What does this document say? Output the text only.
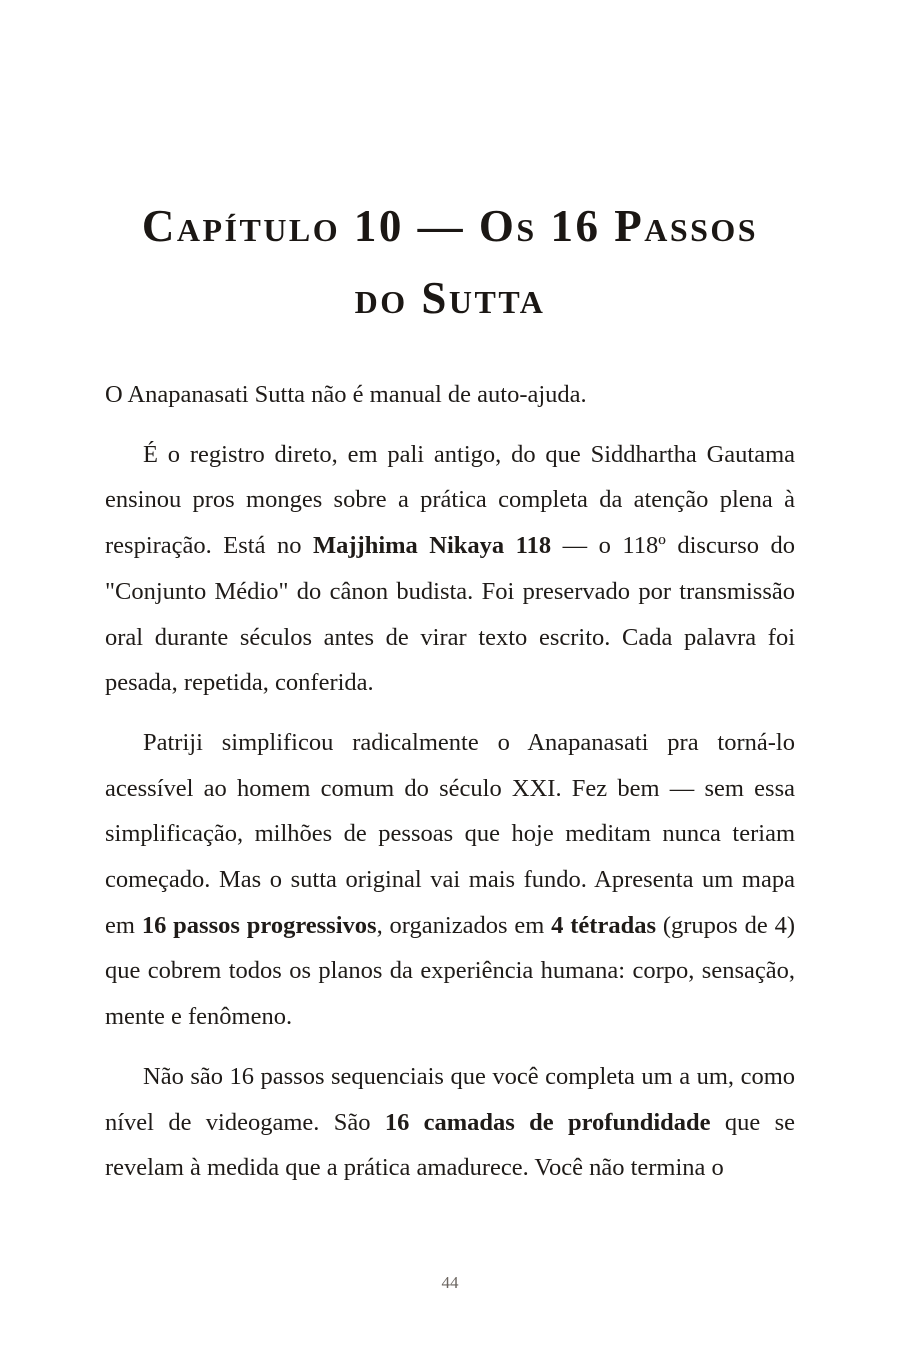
Capítulo 10 — Os 16 Passos
do Sutta

O Anapanasati Sutta não é manual de auto-ajuda.

É o registro direto, em pali antigo, do que Siddhartha Gautama ensinou pros monges sobre a prática completa da atenção plena à respiração. Está no Majjhima Nikaya 118 — o 118º discurso do "Conjunto Médio" do cânon budista. Foi preservado por transmissão oral durante séculos antes de virar texto escrito. Cada palavra foi pesada, repetida, conferida.

Patriji simplificou radicalmente o Anapanasati pra torná-lo acessível ao homem comum do século XXI. Fez bem — sem essa simplificação, milhões de pessoas que hoje meditam nunca teriam começado. Mas o sutta original vai mais fundo. Apresenta um mapa em 16 passos progressivos, organizados em 4 tétradas (grupos de 4) que cobrem todos os planos da experiência humana: corpo, sensação, mente e fenômeno.

Não são 16 passos sequenciais que você completa um a um, como nível de videogame. São 16 camadas de profundidade que se revelam à medida que a prática amadurece. Você não termina o

44
